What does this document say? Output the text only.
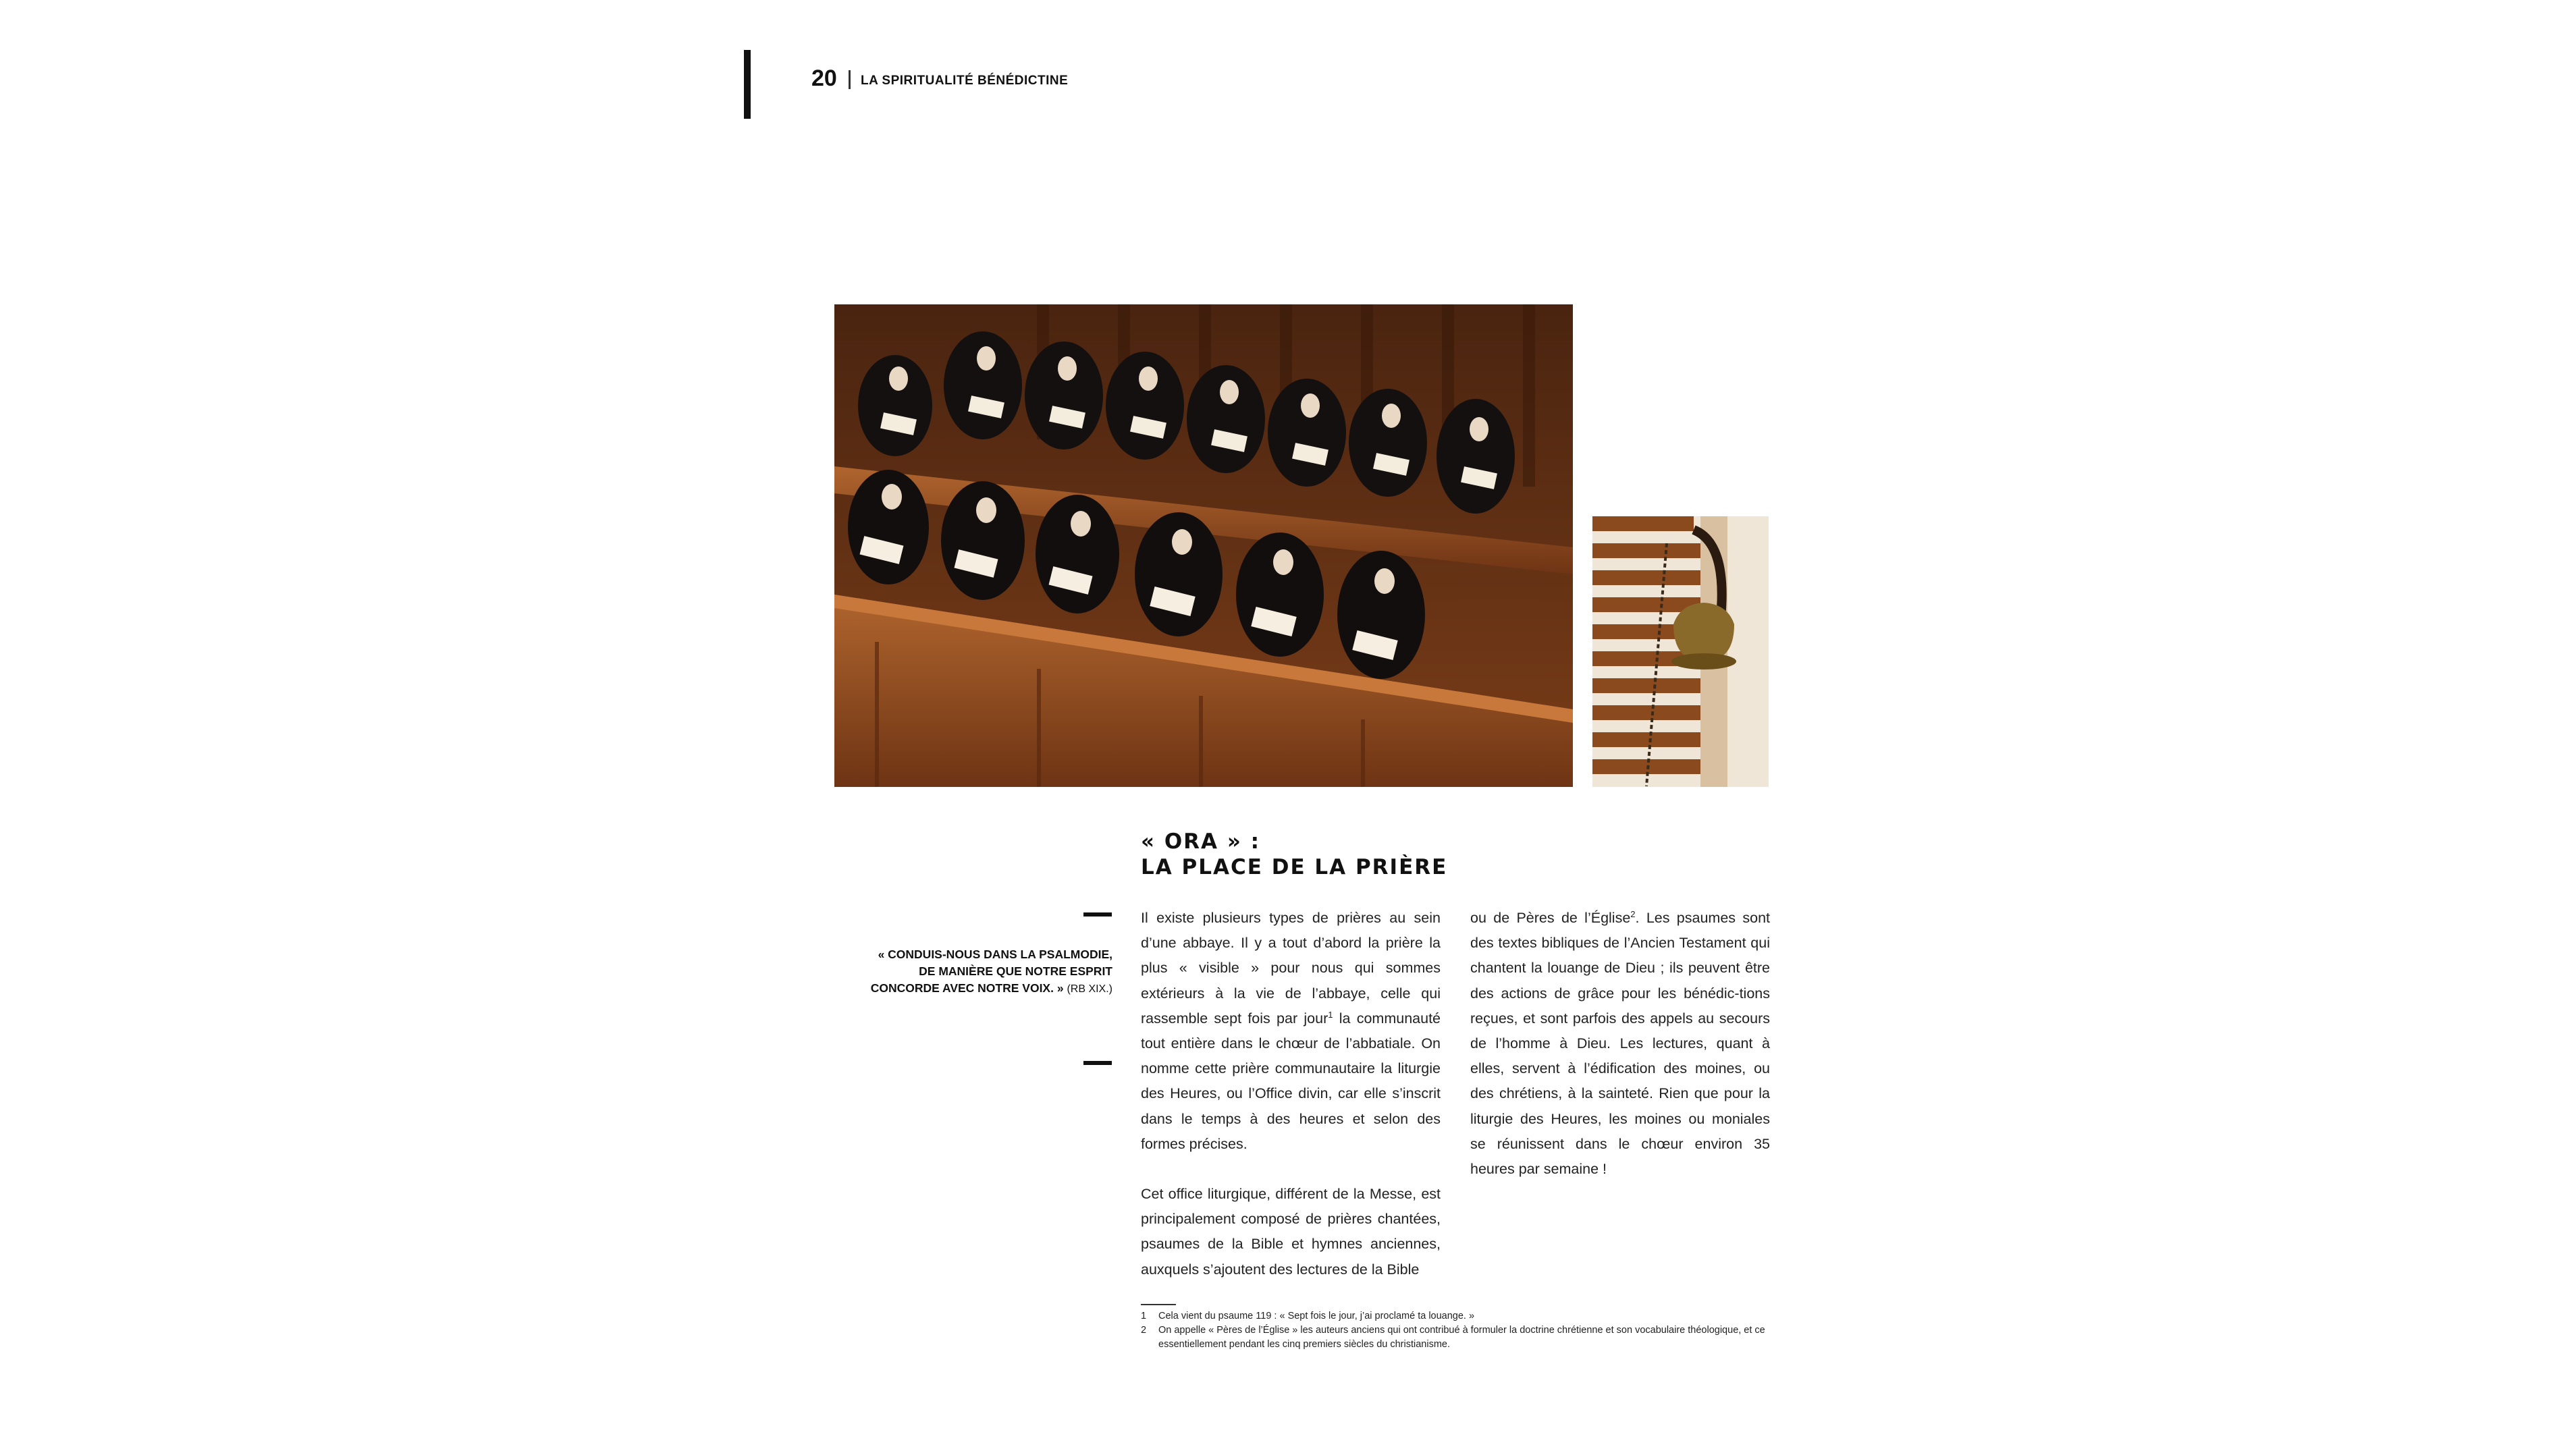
20 LA SPIRITUALITÉ BÉNÉDICTINE
« ORA » :
LA PLACE DE LA PRIÈRE
« CONDUIS-NOUS DANS LA PSALMODIE, DE MANIÈRE QUE NOTRE ESPRIT CONCORDE AVEC NOTRE VOIX. » (RB XIX.)

Il existe plusieurs types de prières au sein d’une abbaye. Il y a tout d’abord la prière la plus « visible » pour nous qui sommes extérieurs à la vie de l’abbaye, celle qui rassemble sept fois par jour$^1$ la communauté tout entière dans le chœur de l’abbatiale. On nomme cette prière communautaire la liturgie des Heures, ou l’Office divin, car elle s’inscrit dans le temps à des heures et selon des formes précises.

Cet office liturgique, différent de la Messe, est principalement composé de prières chantées, psaumes de la Bible et hymnes anciennes, auxquels s’ajoutent des lectures de la Bible

ou de Pères de l’Église$^2$. Les psaumes sont des textes bibliques de l’Ancien Testament qui chantent la louange de Dieu ; ils peuvent être des actions de grâce pour les bénédic-tions reçues, et sont parfois des appels au secours de l’homme à Dieu. Les lectures, quant à elles, servent à l’édification des moines, ou des chrétiens, à la sainteté. Rien que pour la liturgie des Heures, les moines ou moniales se réunissent dans le chœur environ 35 heures par semaine !

1	Cela vient du psaume 119 : « Sept fois le jour, j’ai proclamé ta louange. »
2	On appelle « Pères de l’Église » les auteurs anciens qui ont contribué à formuler la doctrine chrétienne et son vocabulaire théologique, et ce essentiellement pendant les cinq premiers siècles du christianisme.
